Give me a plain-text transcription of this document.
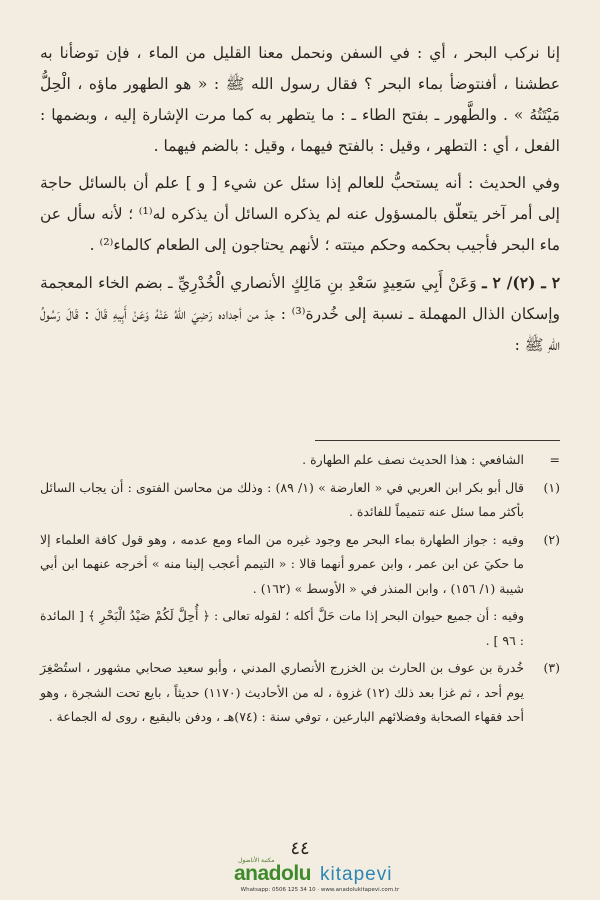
إنا نركب البحر ، أي : في السفن ونحمل معنا القليل من الماء ، فإن توضأنا به عطشنا ، أفنتوضأ بماء البحر ؟ فقال رسول الله ﷺ : « هو الطهور ماؤه ، الْحِلُّ مَيْتَتُهُ » . والطَّهور ـ بفتح الطاء ـ : ما يتطهر به كما مرت الإشارة إليه ، وبضمها : الفعل ، أي : التطهر ، وقيل : بالفتح فيهما ، وقيل : بالضم فيهما .

وفي الحديث : أنه يستحبُّ للعالم إذا سئل عن شيء [ و ] علم أن بالسائل حاجة إلى أمر آخر يتعلّق بالمسؤول عنه لم يذكره السائل أن يذكره له⁽¹⁾ ؛ لأنه سأل عن ماء البحر فأجيب بحكمه وحكم ميتته ؛ لأنهم يحتاجون إلى الطعام كالماء⁽²⁾ .

٢ ـ (٢)/ ٢ ـ وَعَنْ أَبِي سَعِيدٍ سَعْدِ بنِ مَالِكٍ الأنصاري الْخُدْرِيِّ ـ بضم الخاء المعجمة وإسكان الذال المهملة ـ نسبة إلى خُدرة⁽³⁾ : جدّ من أجداده رَضِيَ اللهُ عَنْهُ وَعَنْ أَبِيهِ قَالَ : قَالَ رَسُولُ اللهِ ﷺ :

=
الشافعي : هذا الحديث نصف علم الطهارة .
(١)
قال أبو بكر ابن العربي في « العارضة » (١/ ٨٩) : وذلك من محاسن الفتوى : أن يجاب السائل بأكثر مما سئل عنه تتميماً للفائدة .
(٢)
وفيه : جواز الطهارة بماء البحر مع وجود غيره من الماء ومع عدمه ، وهو قول كافة العلماء إلا ما حكيَ عن ابن عمر ، وابن عمرو أنهما قالا : « التيمم أعجب إلينا منه » أخرجه عنهما ابن أبي شيبة (١/ ١٥٦) ، وابن المنذر في « الأوسط » (١٦٢) .
وفيه : أن جميع حيوان البحر إذا مات حَلَّ أكله ؛ لقوله تعالى : ﴿ أُحِلَّ لَكُمْ صَيْدُ الْبَحْرِ ﴾ [ المائدة : ٩٦ ] .
(٣)
خُدرة بن عوف بن الحارث بن الخزرج الأنصاري المدني ، وأبو سعيد صحابي مشهور ، استُصْغِرَ يوم أحد ، ثم غزا بعد ذلك (١٢) غزوة ، له من الأحاديث (١١٧٠) حديثاً ، بايع تحت الشجرة ، وهو أحد فقهاء الصحابة وفضلائهم البارعين ، توفي سنة : (٧٤)هـ ، ودفن بالبقيع ، روى له الجماعة .
٤٤
مكتبة الأناضول
anadolu kitapevi
Whatsapp: 0506 125 34 10 · www.anadolukitapevi.com.tr
